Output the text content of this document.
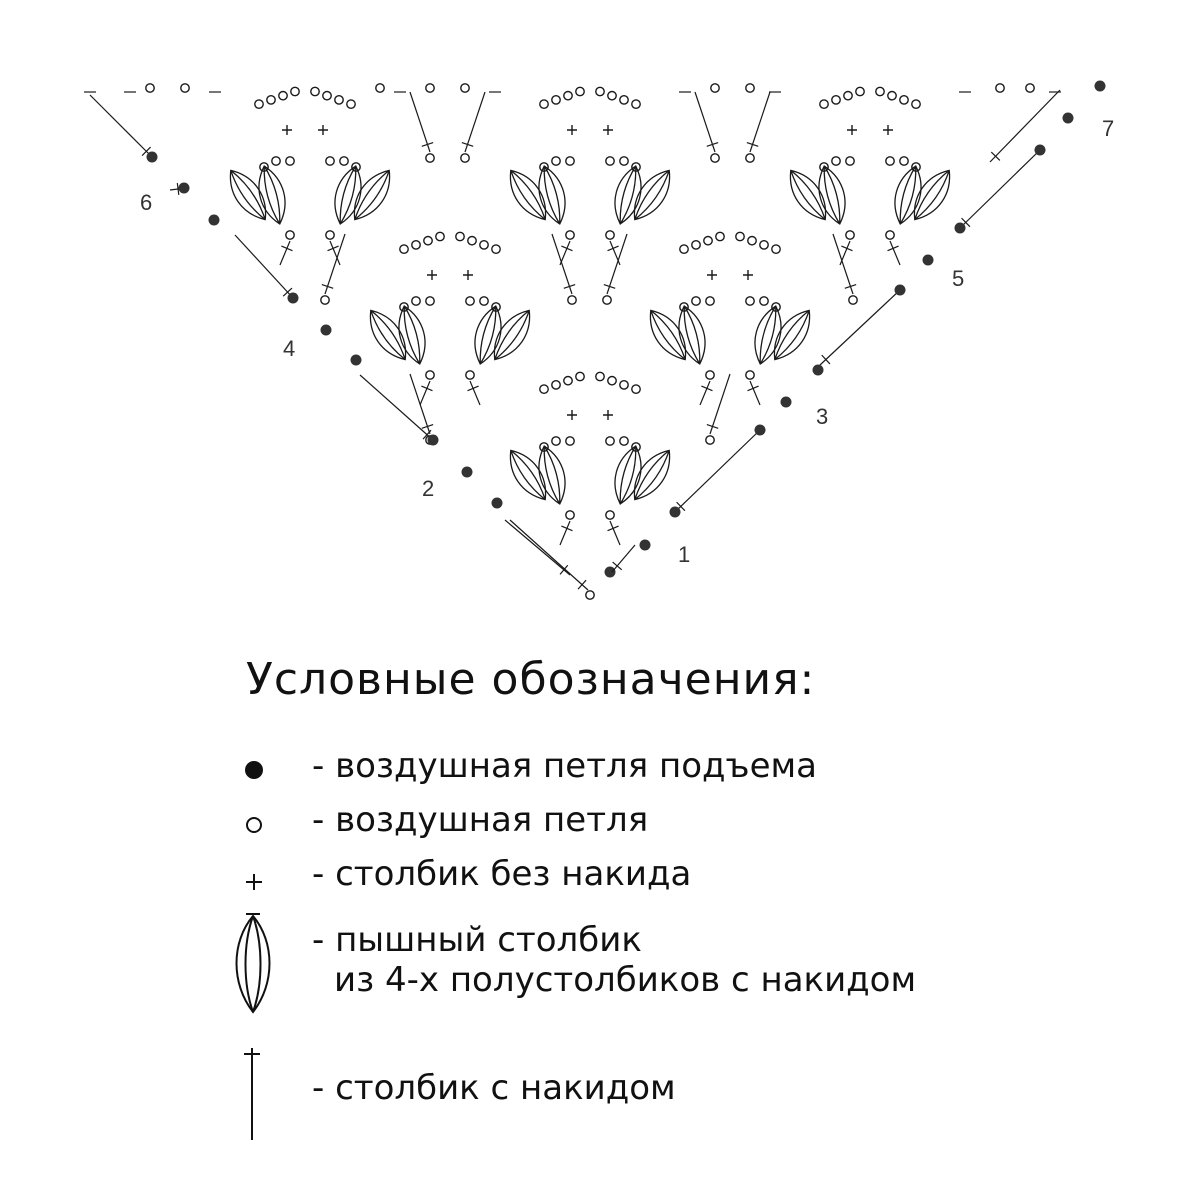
1
2
3
4
5
6
7
Условные обозначения:
- воздушная петля подъема
- воздушная петля
- столбик без накида
- пышный столбик
из 4-х полустолбиков с накидом
- столбик с накидом
